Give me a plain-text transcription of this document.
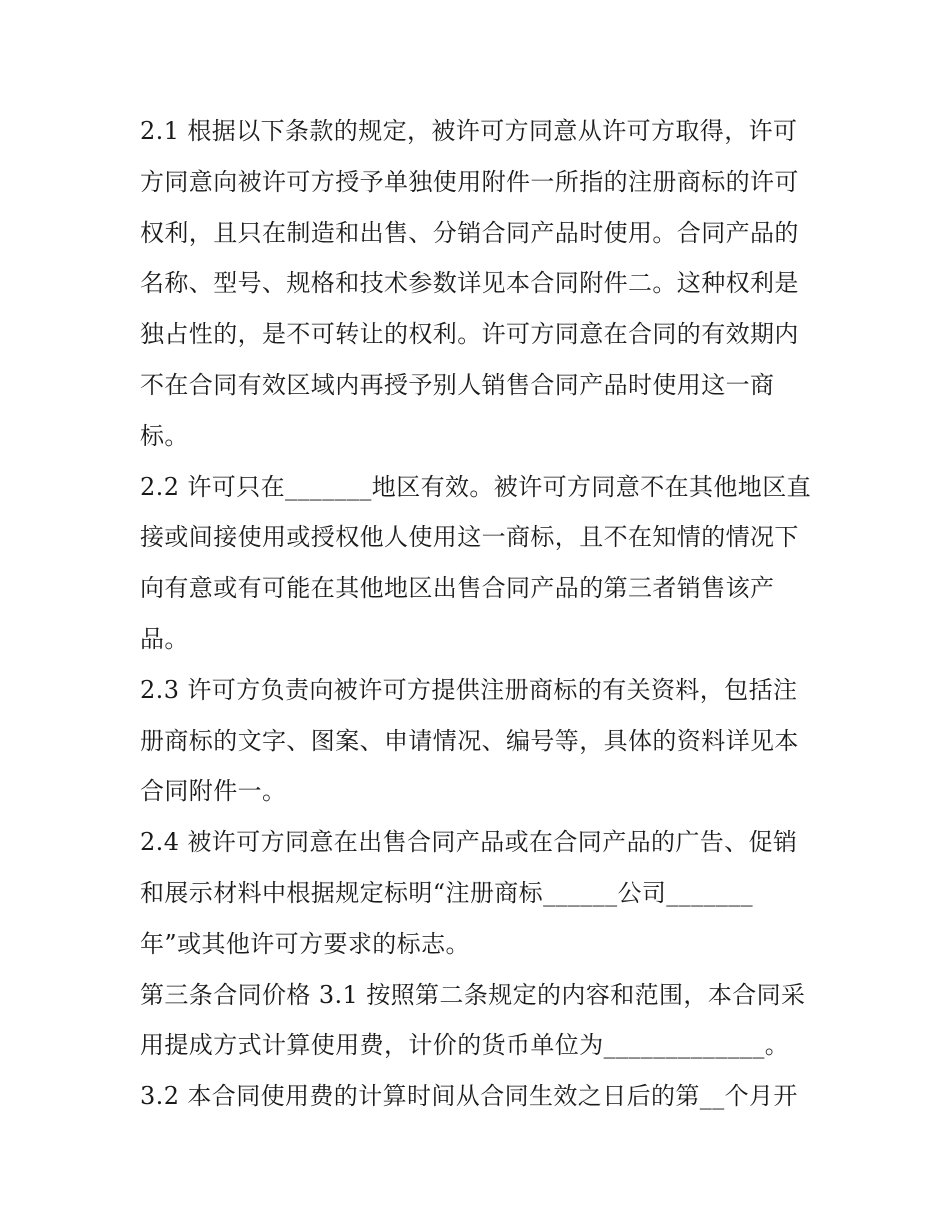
2.1 根据以下条款的规定，被许可方同意从许可方取得，许可
方同意向被许可方授予单独使用附件一所指的注册商标的许可
权利，且只在制造和出售、分销合同产品时使用。合同产品的
名称、型号、规格和技术参数详见本合同附件二。这种权利是
独占性的，是不可转让的权利。许可方同意在合同的有效期内
不在合同有效区域内再授予别人销售合同产品时使用这一商
标。
2.2 许可只在_______地区有效。被许可方同意不在其他地区直
接或间接使用或授权他人使用这一商标，且不在知情的情况下
向有意或有可能在其他地区出售合同产品的第三者销售该产
品。
2.3 许可方负责向被许可方提供注册商标的有关资料，包括注
册商标的文字、图案、申请情况、编号等，具体的资料详见本
合同附件一。
2.4 被许可方同意在出售合同产品或在合同产品的广告、促销
和展示材料中根据规定标明“注册商标______公司_______
年”或其他许可方要求的标志。
第三条合同价格 3.1 按照第二条规定的内容和范围，本合同采
用提成方式计算使用费，计价的货币单位为_____________。
3.2 本合同使用费的计算时间从合同生效之日后的第__个月开
